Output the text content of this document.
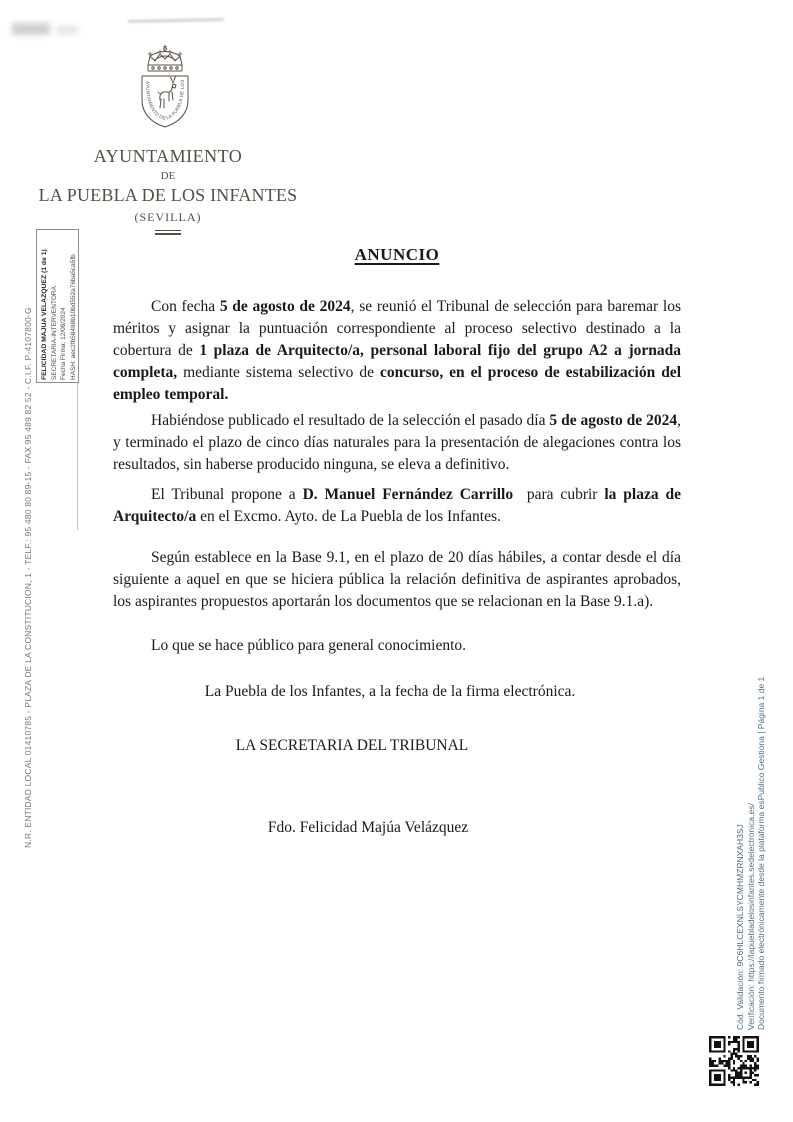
AYUNTAMIENTO DE LA PUEBLA DE LOS
AYUNTAMIENTO
DE
LA PUEBLA DE LOS INFANTES
(SEVILLA)
ANUNCIO
Con fecha 5 de agosto de 2024, se reunió el Tribunal de selección para baremar los méritos y asignar la puntuación correspondiente al proceso selectivo destinado a la cobertura de 1 plaza de Arquitecto/a, personal laboral fijo del grupo A2 a jornada completa, mediante sistema selectivo de concurso, en el proceso de estabilización del empleo temporal.
Habiéndose publicado el resultado de la selección el pasado día 5 de agosto de 2024, y terminado el plazo de cinco días naturales para la presentación de alegaciones contra los resultados, sin haberse producido ninguna, se eleva a definitivo.
El Tribunal propone a D. Manuel Fernández Carrillo  para cubrir la plaza de Arquitecto/a en el Excmo. Ayto. de La Puebla de los Infantes.
Según establece en la Base 9.1, en el plazo de 20 días hábiles, a contar desde el día siguiente a aquel en que se hiciera pública la relación definitiva de aspirantes aprobados, los aspirantes propuestos aportarán los documentos que se relacionan en la Base 9.1.a).
Lo que se hace público para general conocimiento.
La Puebla de los Infantes, a la fecha de la firma electrónica.
LA SECRETARIA DEL TRIBUNAL
Fdo. Felicidad Majúa Velázquez
N.R. ENTIDAD LOCAL 01410785 - PLAZA DE LA CONSTITUCION, 1 - TELF.: 95 480 80 89-15 - FAX 95 489 82 52 - C.I.F. P-4107800-G FELICIDAD MAJUA VELAZQUEZ (1 de 1) SECRETARIA-INTERVENTORA Fecha Firma: 12/08/2024 HASH: aec2fb58498b10bd552a76ba5ca5fb
Cód. Validación: 9C6HLCEXNLSYCMHMZRNXAH3SJ Verificación: https://lapuebladelosinfantes.sedelectronica.es/ Documento firmado electrónicamente desde la plataforma esPublico Gestiona | Página 1 de 1
